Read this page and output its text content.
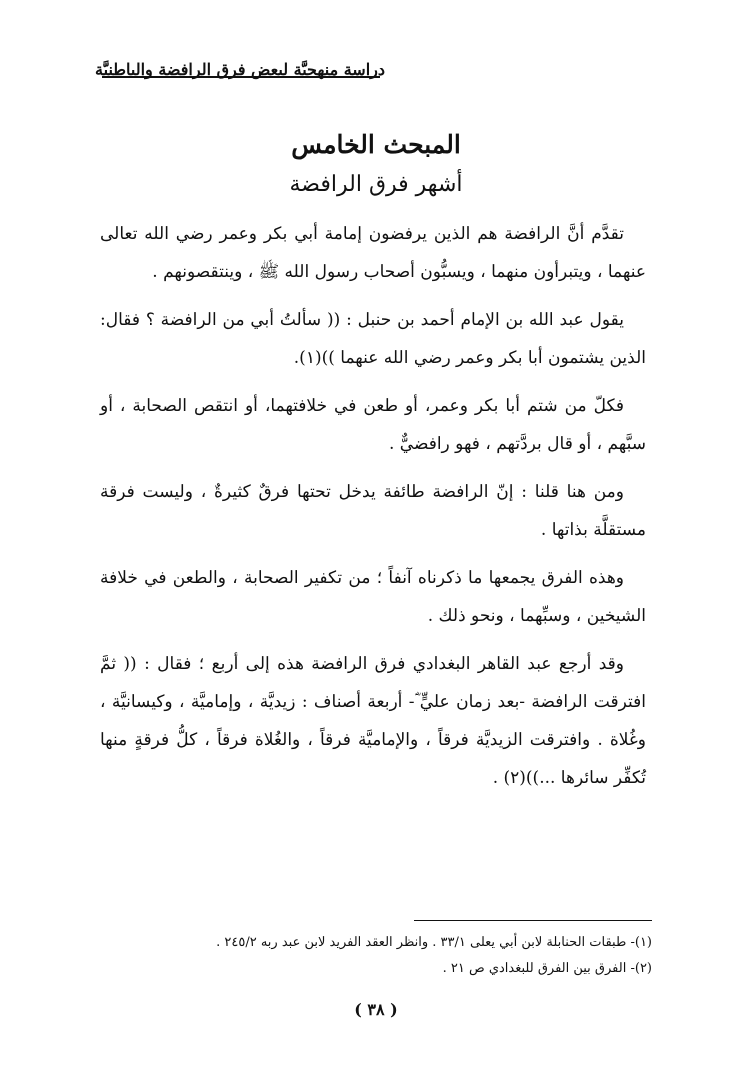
دراسة منهجيَّة لبعض فرق الرافضة والباطنيَّة
المبحث الخامس
أشهر فرق الرافضة

تقدَّم أنَّ الرافضة هم الذين يرفضون إمامة أبي بكر وعمر رضي الله تعالى عنهما ، ويتبرأون منهما ، ويسبُّون أصحاب رسول الله ﷺ ، وينتقصونهم .

يقول عبد الله بن الإمام أحمد بن حنبل : (( سألتُ أبي من الرافضة ؟ فقال: الذين يشتمون أبا بكر وعمر رضي الله عنهما ))(١).

فكلّ من شتم أبا بكر وعمر، أو طعن في خلافتهما، أو انتقص الصحابة ، أو سبَّهم ، أو قال بردَّتهم ، فهو رافضيٌّ .

ومن هنا قلنا : إنّ الرافضة طائفة يدخل تحتها فرقٌ كثيرةٌ ، وليست فرقة مستقلَّة بذاتها .

وهذه الفرق يجمعها ما ذكرناه آنفاً ؛ من تكفير الصحابة ، والطعن في خلافة الشيخين ، وسبِّهما ، ونحو ذلك .

وقد أرجع عبد القاهر البغدادي فرق الرافضة هذه إلى أربع ؛ فقال : (( ثمَّ افترقت الرافضة -بعد زمان عليٍّ ؓ- أربعة أصناف : زيديَّة ، وإماميَّة ، وكيسانيَّة ، وغُلاة . وافترقت الزيديَّة فرقاً ، والإماميَّة فرقاً ، والغُلاة فرقاً ، كلُّ فرقةٍ منها تُكفِّر سائرها ...))(٢) .

(١)- طبقات الحنابلة لابن أبي يعلى ٣٣/١ . وانظر العقد الفريد لابن عبد ربه ٢٤٥/٢ .
(٢)- الفرق بين الفرق للبغدادي ص ٢١ .
( ٣٨ )
